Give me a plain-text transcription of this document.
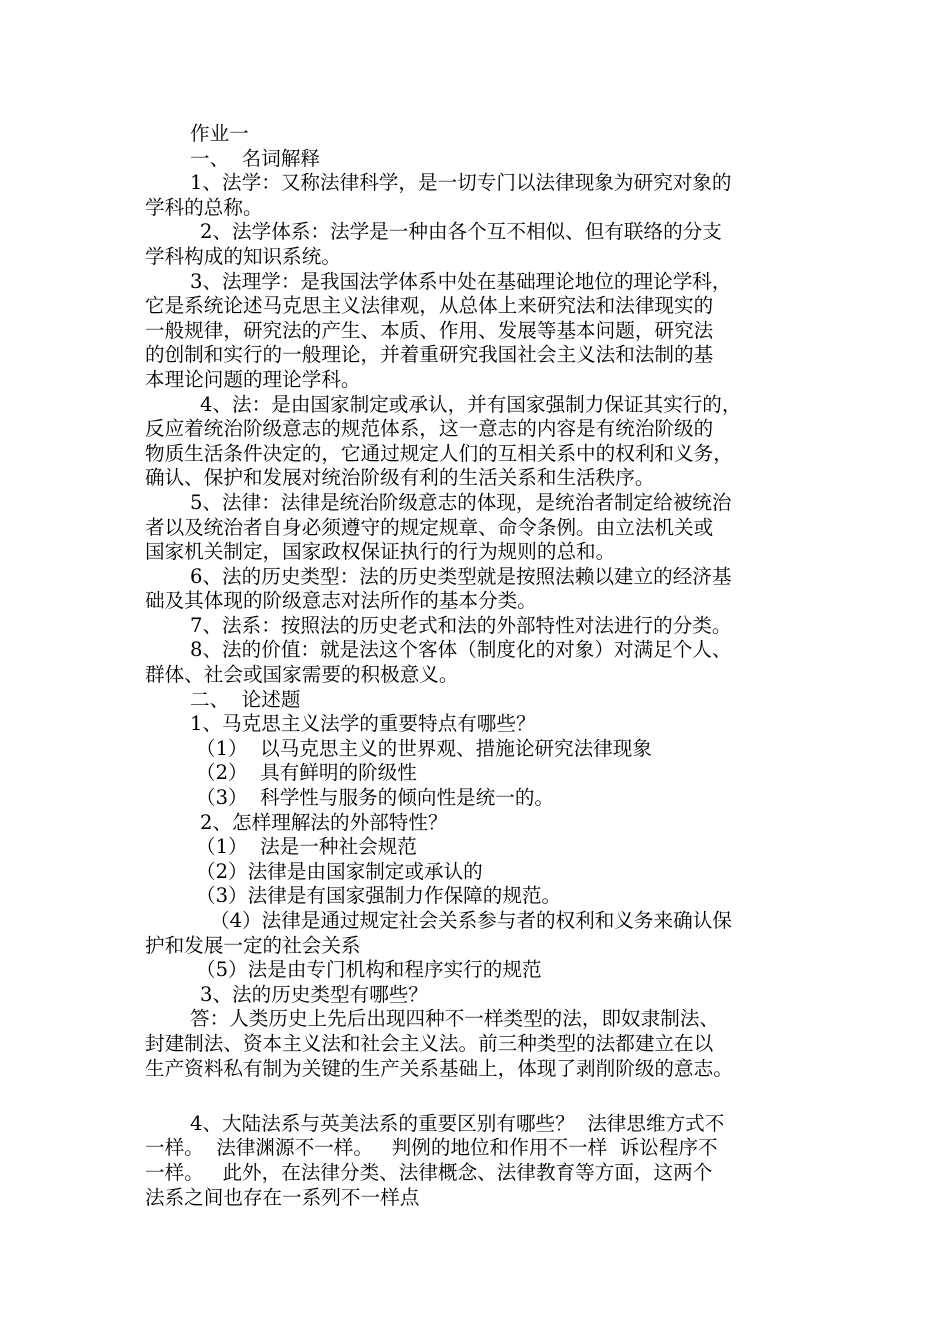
作业一

一、  名词解释

1、法学：又称法律科学，是一切专门以法律现象为研究对象的

学科的总称。

2、法学体系：法学是一种由各个互不相似、但有联络的分支

学科构成的知识系统。

3、法理学：是我国法学体系中处在基础理论地位的理论学科，

它是系统论述马克思主义法律观，从总体上来研究法和法律现实的

一般规律，研究法的产生、本质、作用、发展等基本问题，研究法

的创制和实行的一般理论，并着重研究我国社会主义法和法制的基

本理论问题的理论学科。

4、法：是由国家制定或承认，并有国家强制力保证其实行的，

反应着统治阶级意志的规范体系，这一意志的内容是有统治阶级的

物质生活条件决定的，它通过规定人们的互相关系中的权利和义务，

确认、保护和发展对统治阶级有利的生活关系和生活秩序。

5、法律：法律是统治阶级意志的体现，是统治者制定给被统治

者以及统治者自身必须遵守的规定规章、命令条例。由立法机关或

国家机关制定，国家政权保证执行的行为规则的总和。

6、法的历史类型：法的历史类型就是按照法赖以建立的经济基

础及其体现的阶级意志对法所作的基本分类。

7、法系：按照法的历史老式和法的外部特性对法进行的分类。

8、法的价值：就是法这个客体（制度化的对象）对满足个人、

群体、社会或国家需要的积极意义。

二、  论述题

1、马克思主义法学的重要特点有哪些？

（1）  以马克思主义的世界观、措施论研究法律现象

（2）  具有鲜明的阶级性

（3）  科学性与服务的倾向性是统一的。

2、怎样理解法的外部特性？

（1）  法是一种社会规范

（2）法律是由国家制定或承认的

（3）法律是有国家强制力作保障的规范。

（4）法律是通过规定社会关系参与者的权利和义务来确认保

护和发展一定的社会关系

（5）法是由专门机构和程序实行的规范

3、法的历史类型有哪些？

答：人类历史上先后出现四种不一样类型的法，即奴隶制法、

封建制法、资本主义法和社会主义法。前三种类型的法都建立在以

生产资料私有制为关键的生产关系基础上，体现了剥削阶级的意志。

4、大陆法系与英美法系的重要区别有哪些？  法律思维方式不

一样。  法律渊源不一样。   判例的地位和作用不一样  诉讼程序不

一样。   此外，在法律分类、法律概念、法律教育等方面，这两个

法系之间也存在一系列不一样点
